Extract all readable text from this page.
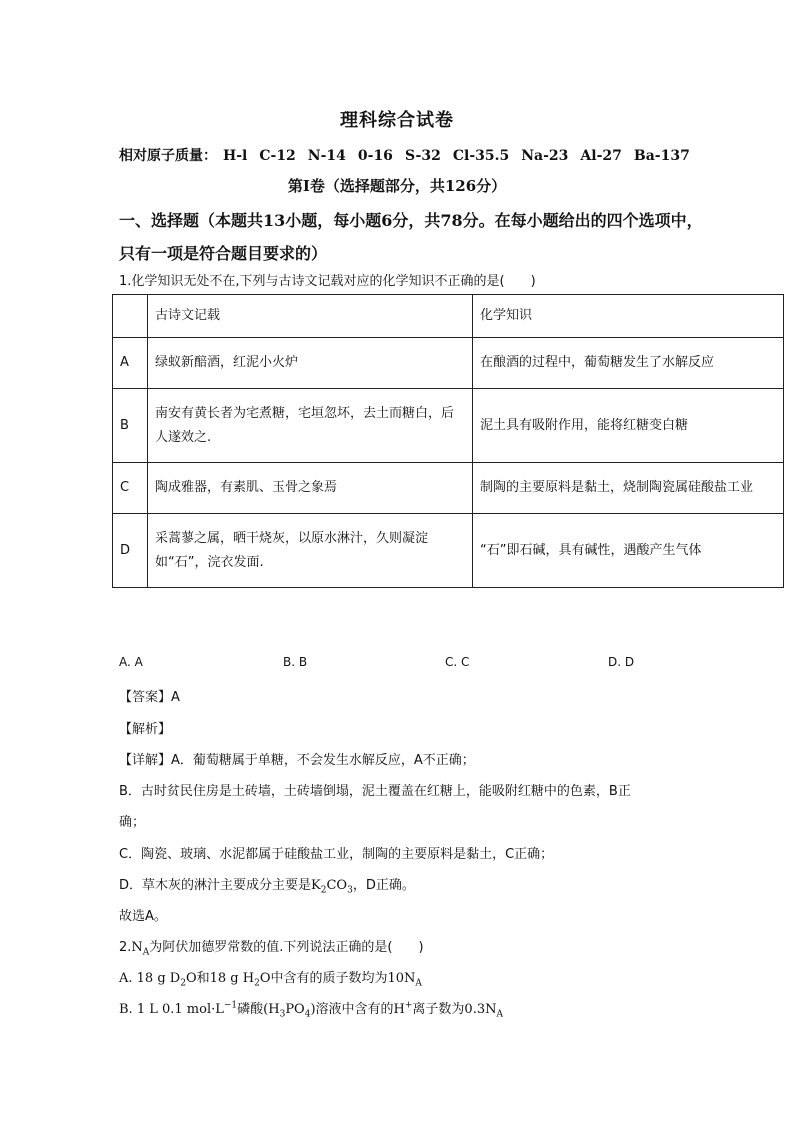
理科综合试卷
相对原子质量： H-l C-12 N-14 0-16 S-32 Cl-35.5 Na-23 Al-27 Ba-137
第Ⅰ卷（选择题部分，共126分）
一、选择题（本题共13小题，每小题6分，共78分。在每小题给出的四个选项中，只有一项是符合题目要求的）
1.化学知识无处不在,下列与古诗文记载对应的化学知识不正确的是(　　)
	古诗文记载	化学知识
A	绿蚁新醅酒，红泥小火炉	在酿酒的过程中，葡萄糖发生了水解反应
B	南安有黄长者为宅煮糖，宅垣忽坏，去土而糖白，后人遂效之.	泥土具有吸附作用，能将红糖变白糖
C	陶成雅器，有素肌、玉骨之象焉	制陶的主要原料是黏土，烧制陶瓷属硅酸盐工业
D	采蒿蓼之属，晒干烧灰，以原水淋汁，久则凝淀如“石”，浣衣发面.	“石”即石碱，具有碱性，遇酸产生气体
A. A	B. B	C. C	D. D
【答案】A
【解析】
【详解】A．葡萄糖属于单糖，不会发生水解反应，A不正确；
B．古时贫民住房是土砖墙，土砖墙倒塌，泥土覆盖在红糖上，能吸附红糖中的色素，B正
确；
C．陶瓷、玻璃、水泥都属于硅酸盐工业，制陶的主要原料是黏土，C正确；
D．草木灰的淋汁主要成分主要是$K_2CO_3$，D正确。
故选A。
$2.N_A$为阿伏加德罗常数的值.下列说法正确的是(　　)
A. 18 g $D_2O$和18 g $H_2O$中含有的质子数均为$10N_A$
B. 1 L 0.1 $mol\cdot L^{-1}$磷酸$(H_3PO_4)$溶液中含有的H+离子数为$0.3N_A$
